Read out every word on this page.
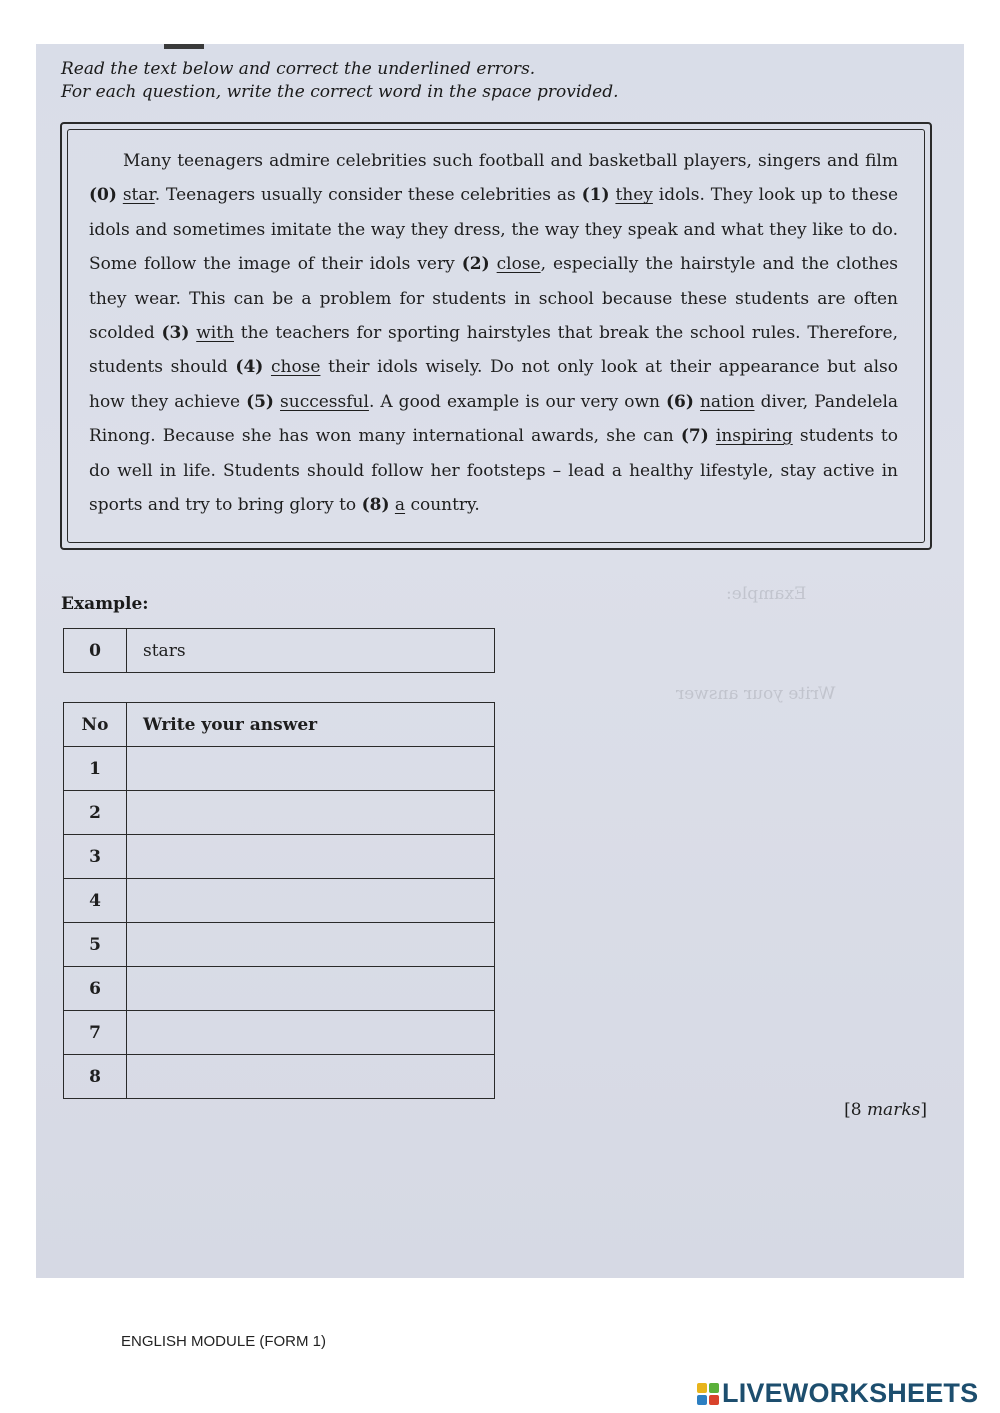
Example:
Write your answer
Read the text below and correct the underlined errors.
For each question, write the correct word in the space provided.
Many teenagers admire celebrities such football and basketball players, singers and film (0) star. Teenagers usually consider these celebrities as (1) they idols. They look up to these idols and sometimes imitate the way they dress, the way they speak and what they like to do. Some follow the image of their idols very (2) close, especially the hairstyle and the clothes they wear. This can be a problem for students in school because these students are often scolded (3) with the teachers for sporting hairstyles that break the school rules. Therefore, students should (4) chose their idols wisely. Do not only look at their appearance but also how they achieve (5) successful. A good example is our very own (6) nation diver, Pandelela Rinong. Because she has won many international awards, she can (7) inspiring students to do well in life. Students should follow her footsteps – lead a healthy lifestyle, stay active in sports and try to bring glory to (8) a country.
Example:
0	stars
No	Write your answer
1	
2	
3	
4	
5	
6	
7	
8	
[8 marks]
ENGLISH MODULE (FORM 1)
LIVEWORKSHEETS
